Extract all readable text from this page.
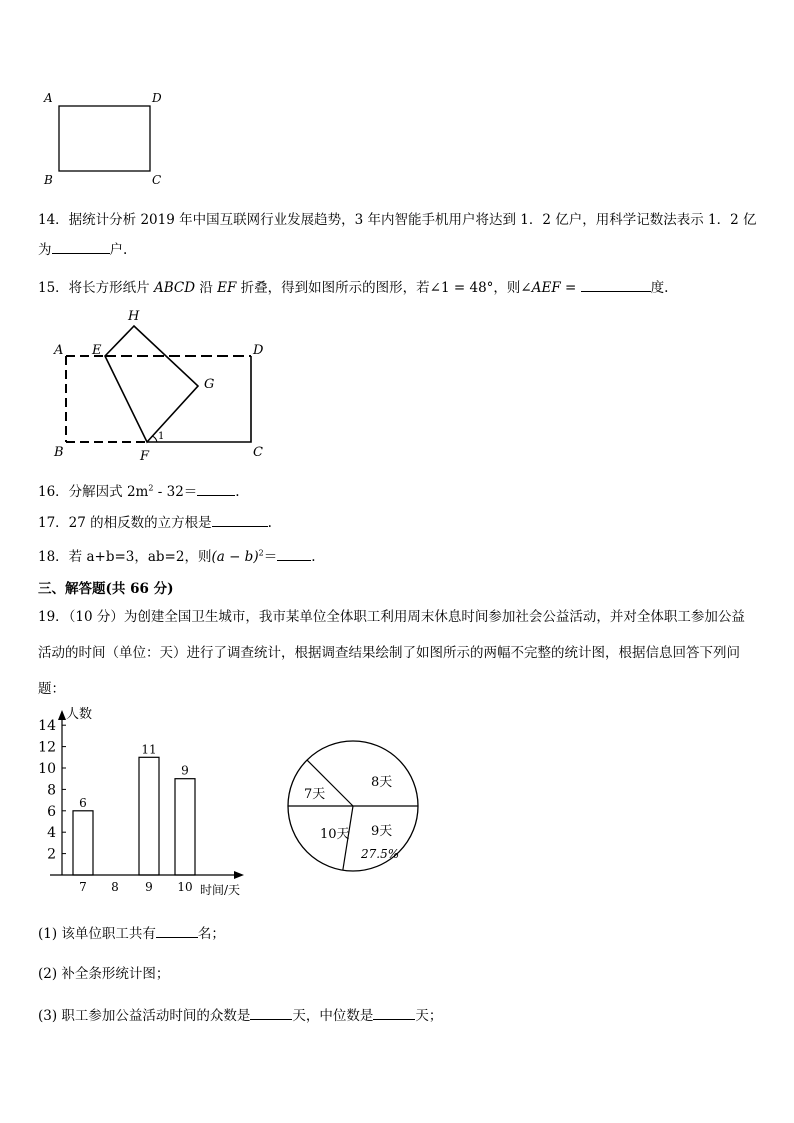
A	D
B	C
14．据统计分析 2019 年中国互联网行业发展趋势，3 年内智能手机用户将达到 1．2 亿户，用科学记数法表示 1．2 亿
为	户.
15．将长方形纸片 ABCD 沿 EF 折叠，得到如图所示的图形，若∠1 = 48°，则∠AEF =	度.
A E
H
D
G
B	F	C
1
16．分解因式 $2m^2 - 32=$	.
17．27 的相反数的立方根是	.
18．若 a+b=3，ab=2，则$(a - b)^2=$	.
三、解答题(共 66 分)
19．（10 分）为创建全国卫生城市，我市某单位全体职工利用周末休息时间参加社会公益活动，并对全体职工参加公益
活动的时间（单位：天）进行了调查统计，根据调查结果绘制了如图所示的两幅不完整的统计图，根据信息回答下列问
题：
人数
时间/天
2
4
6
8
10
12
14
7
6
8 9
11
10
9
7天
8天
9天
27.5%
10天
(1) 该单位职工共有	名；
(2) 补全条形统计图；
(3) 职工参加公益活动时间的众数是	天，中位数是	天；
